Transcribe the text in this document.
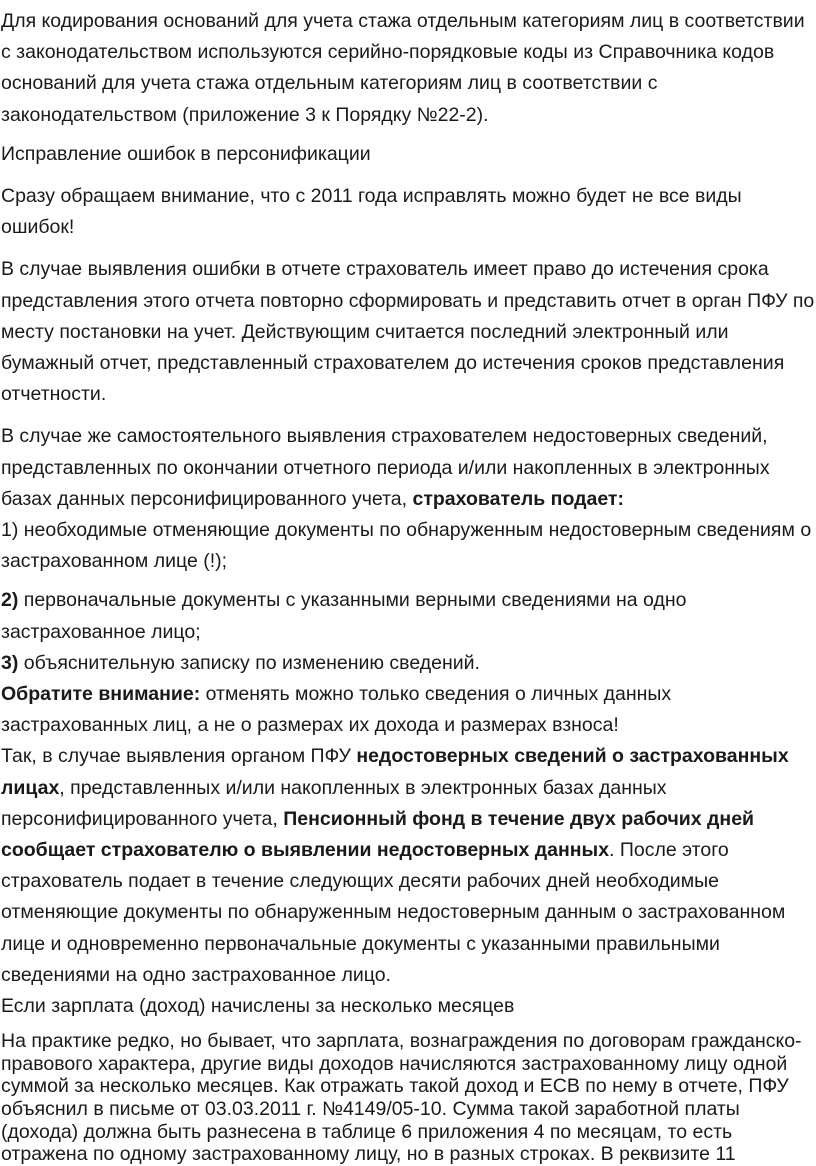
Для кодирования оснований для учета стажа отдельным категориям лиц в соответствии с законодательством используются серийно-порядковые коды из Справочника кодов оснований для учета стажа отдельным категориям лиц в соответствии с законодательством (приложение 3 к Порядку №22-2).

Исправление ошибок в персонификации

Сразу обращаем внимание, что с 2011 года исправлять можно будет не все виды ошибок!

В случае выявления ошибки в отчете страхователь имеет право до истечения срока представления этого отчета повторно сформировать и представить отчет в орган ПФУ по месту постановки на учет. Действующим считается последний электронный или бумажный отчет, представленный страхователем до истечения сроков представления отчетности.

В случае же самостоятельного выявления страхователем недостоверных сведений, представленных по окончании отчетного периода и/или накопленных в электронных базах данных персонифицированного учета, страхователь подает:

1) необходимые отменяющие документы по обнаруженным недостоверным сведениям о застрахованном лице (!);

2) первоначальные документы с указанными верными сведениями на одно застрахованное лицо;

3) объяснительную записку по изменению сведений.

Обратите внимание: отменять можно только сведения о личных данных застрахованных лиц, а не о размерах их дохода и размерах взноса!

Так, в случае выявления органом ПФУ недостоверных сведений о застрахованных лицах, представленных и/или накопленных в электронных базах данных персонифицированного учета, Пенсионный фонд в течение двух рабочих дней сообщает страхователю о выявлении недостоверных данных. После этого страхователь подает в течение следующих десяти рабочих дней необходимые отменяющие документы по обнаруженным недостоверным данным о застрахованном лице и одновременно первоначальные документы с указанными правильными сведениями на одно застрахованное лицо.

Если зарплата (доход) начислены за несколько месяцев

На практике редко, но бывает, что зарплата, вознаграждения по договорам гражданско-правового характера, другие виды доходов начисляются застрахованному лицу одной суммой за несколько месяцев. Как отражать такой доход и ЕСВ по нему в отчете, ПФУ объяснил в письме от 03.03.2011 г. №4149/05-10. Сумма такой заработной платы (дохода) должна быть разнесена в таблице 6 приложения 4 по месяцам, то есть отражена по одному застрахованному лицу, но в разных строках. В реквизите 11
